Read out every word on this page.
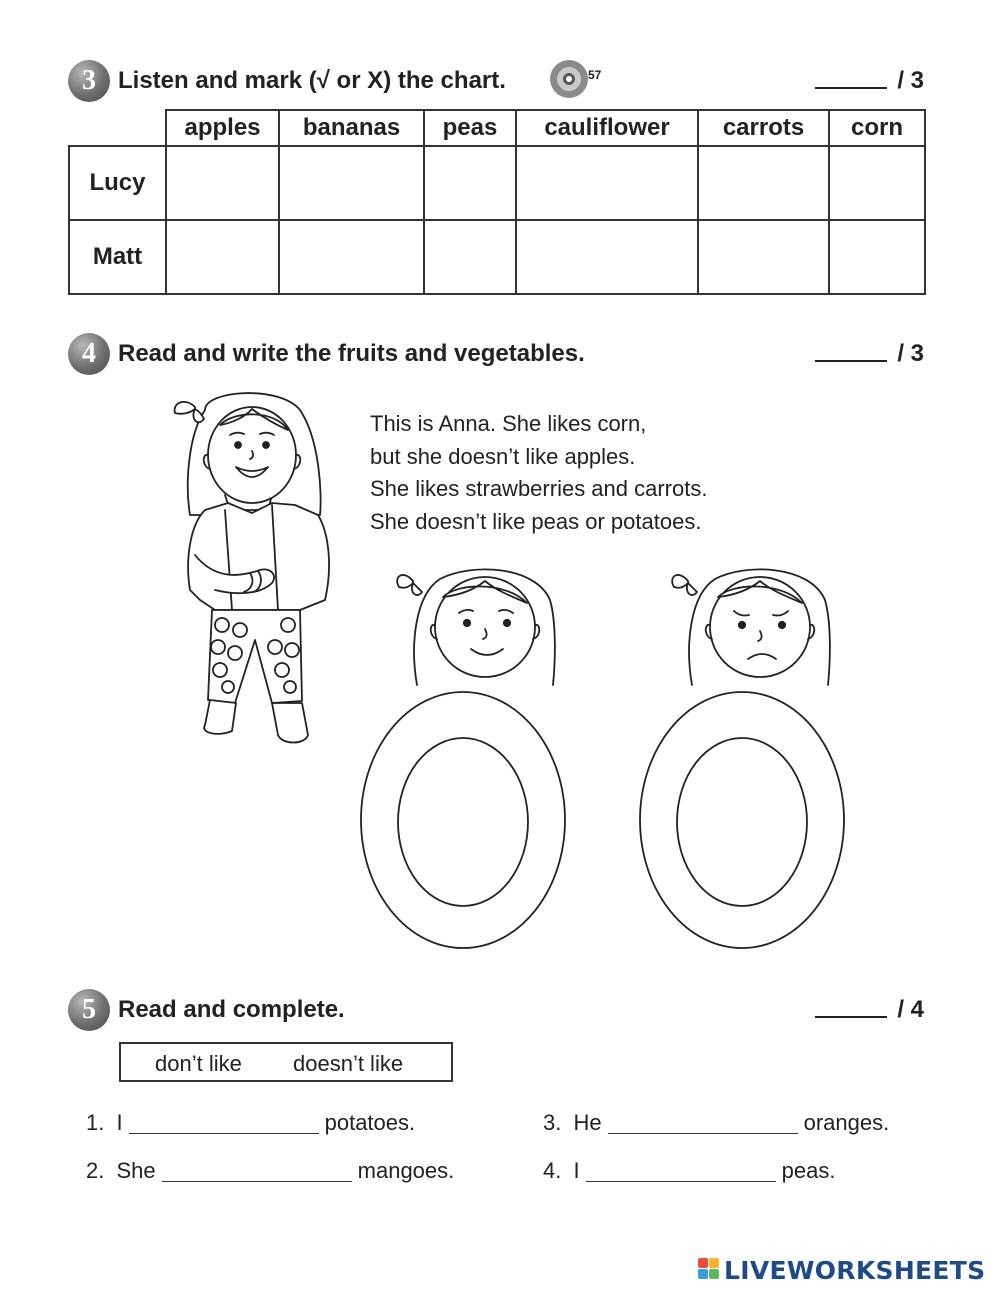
3 Listen and mark (√ or X) the chart.	57	/ 3
	apples	bananas	peas	cauliflower	carrots	corn
Lucy						
Matt						
4 Read and write the fruits and vegetables.	/ 3
This is Anna. She likes corn,
but she doesn’t like apples.
She likes strawberries and carrots.
She doesn’t like peas or potatoes.
5 Read and complete.	/ 4
don’t like doesn’t like
1. I	potatoes.
2. She	mangoes.
3. He	oranges.
4. I	peas.
LIVEWORKSHEETS
